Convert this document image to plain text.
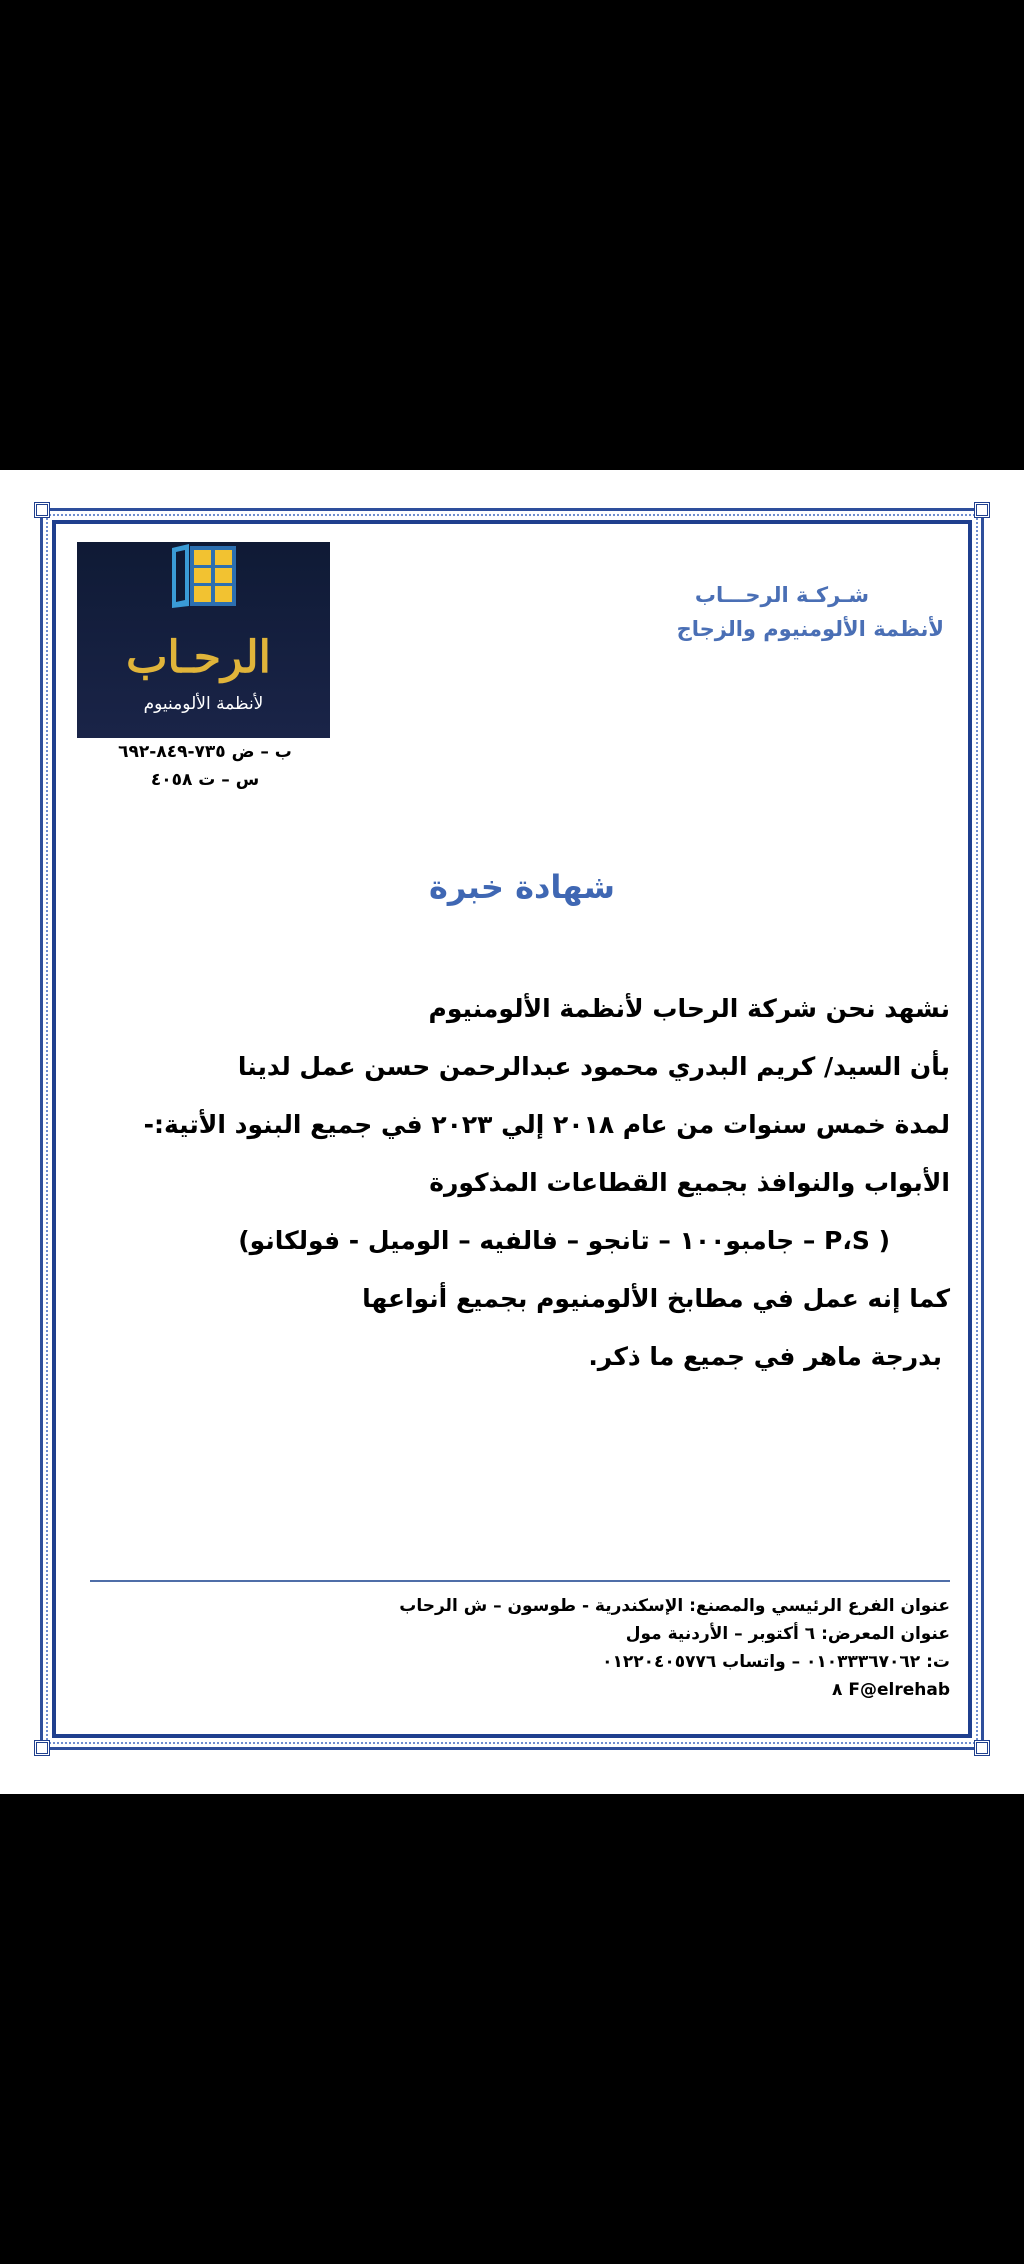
شـركـة الرحـــاب
لأنظمة الألومنيوم والزجاج
الرحـاب
لأنظمة الألومنيوم
ب – ض ٧٣٥-٨٤٩-٦٩٢
س – ت ٤٠٥٨
شهادة خبرة
نشهد نحن شركة الرحاب لأنظمة الألومنيوم
بأن السيد/ كريم البدري محمود عبدالرحمن حسن عمل لدينا
لمدة خمس سنوات من عام ٢٠١٨ إلي ٢٠٢٣ في جميع البنود الأتية:-
الأبواب والنوافذ بجميع القطاعات المذكورة
( P،S – جامبو١٠٠ – تانجو – فالفيه – الوميل - فولكانو)
كما إنه عمل في مطابخ الألومنيوم بجميع أنواعها
بدرجة ماهر في جميع ما ذكر.
عنوان الفرع الرئيسي والمصنع: الإسكندرية - طوسون – ش الرحاب
عنوان المعرض: ٦ أكتوبر – الأردنية مول
ت: ٠١٠٣٣٣٦٧٠٦٢ – واتساب ٠١٢٢٠٤٠٥٧٧٦
F@elrehab ٨
